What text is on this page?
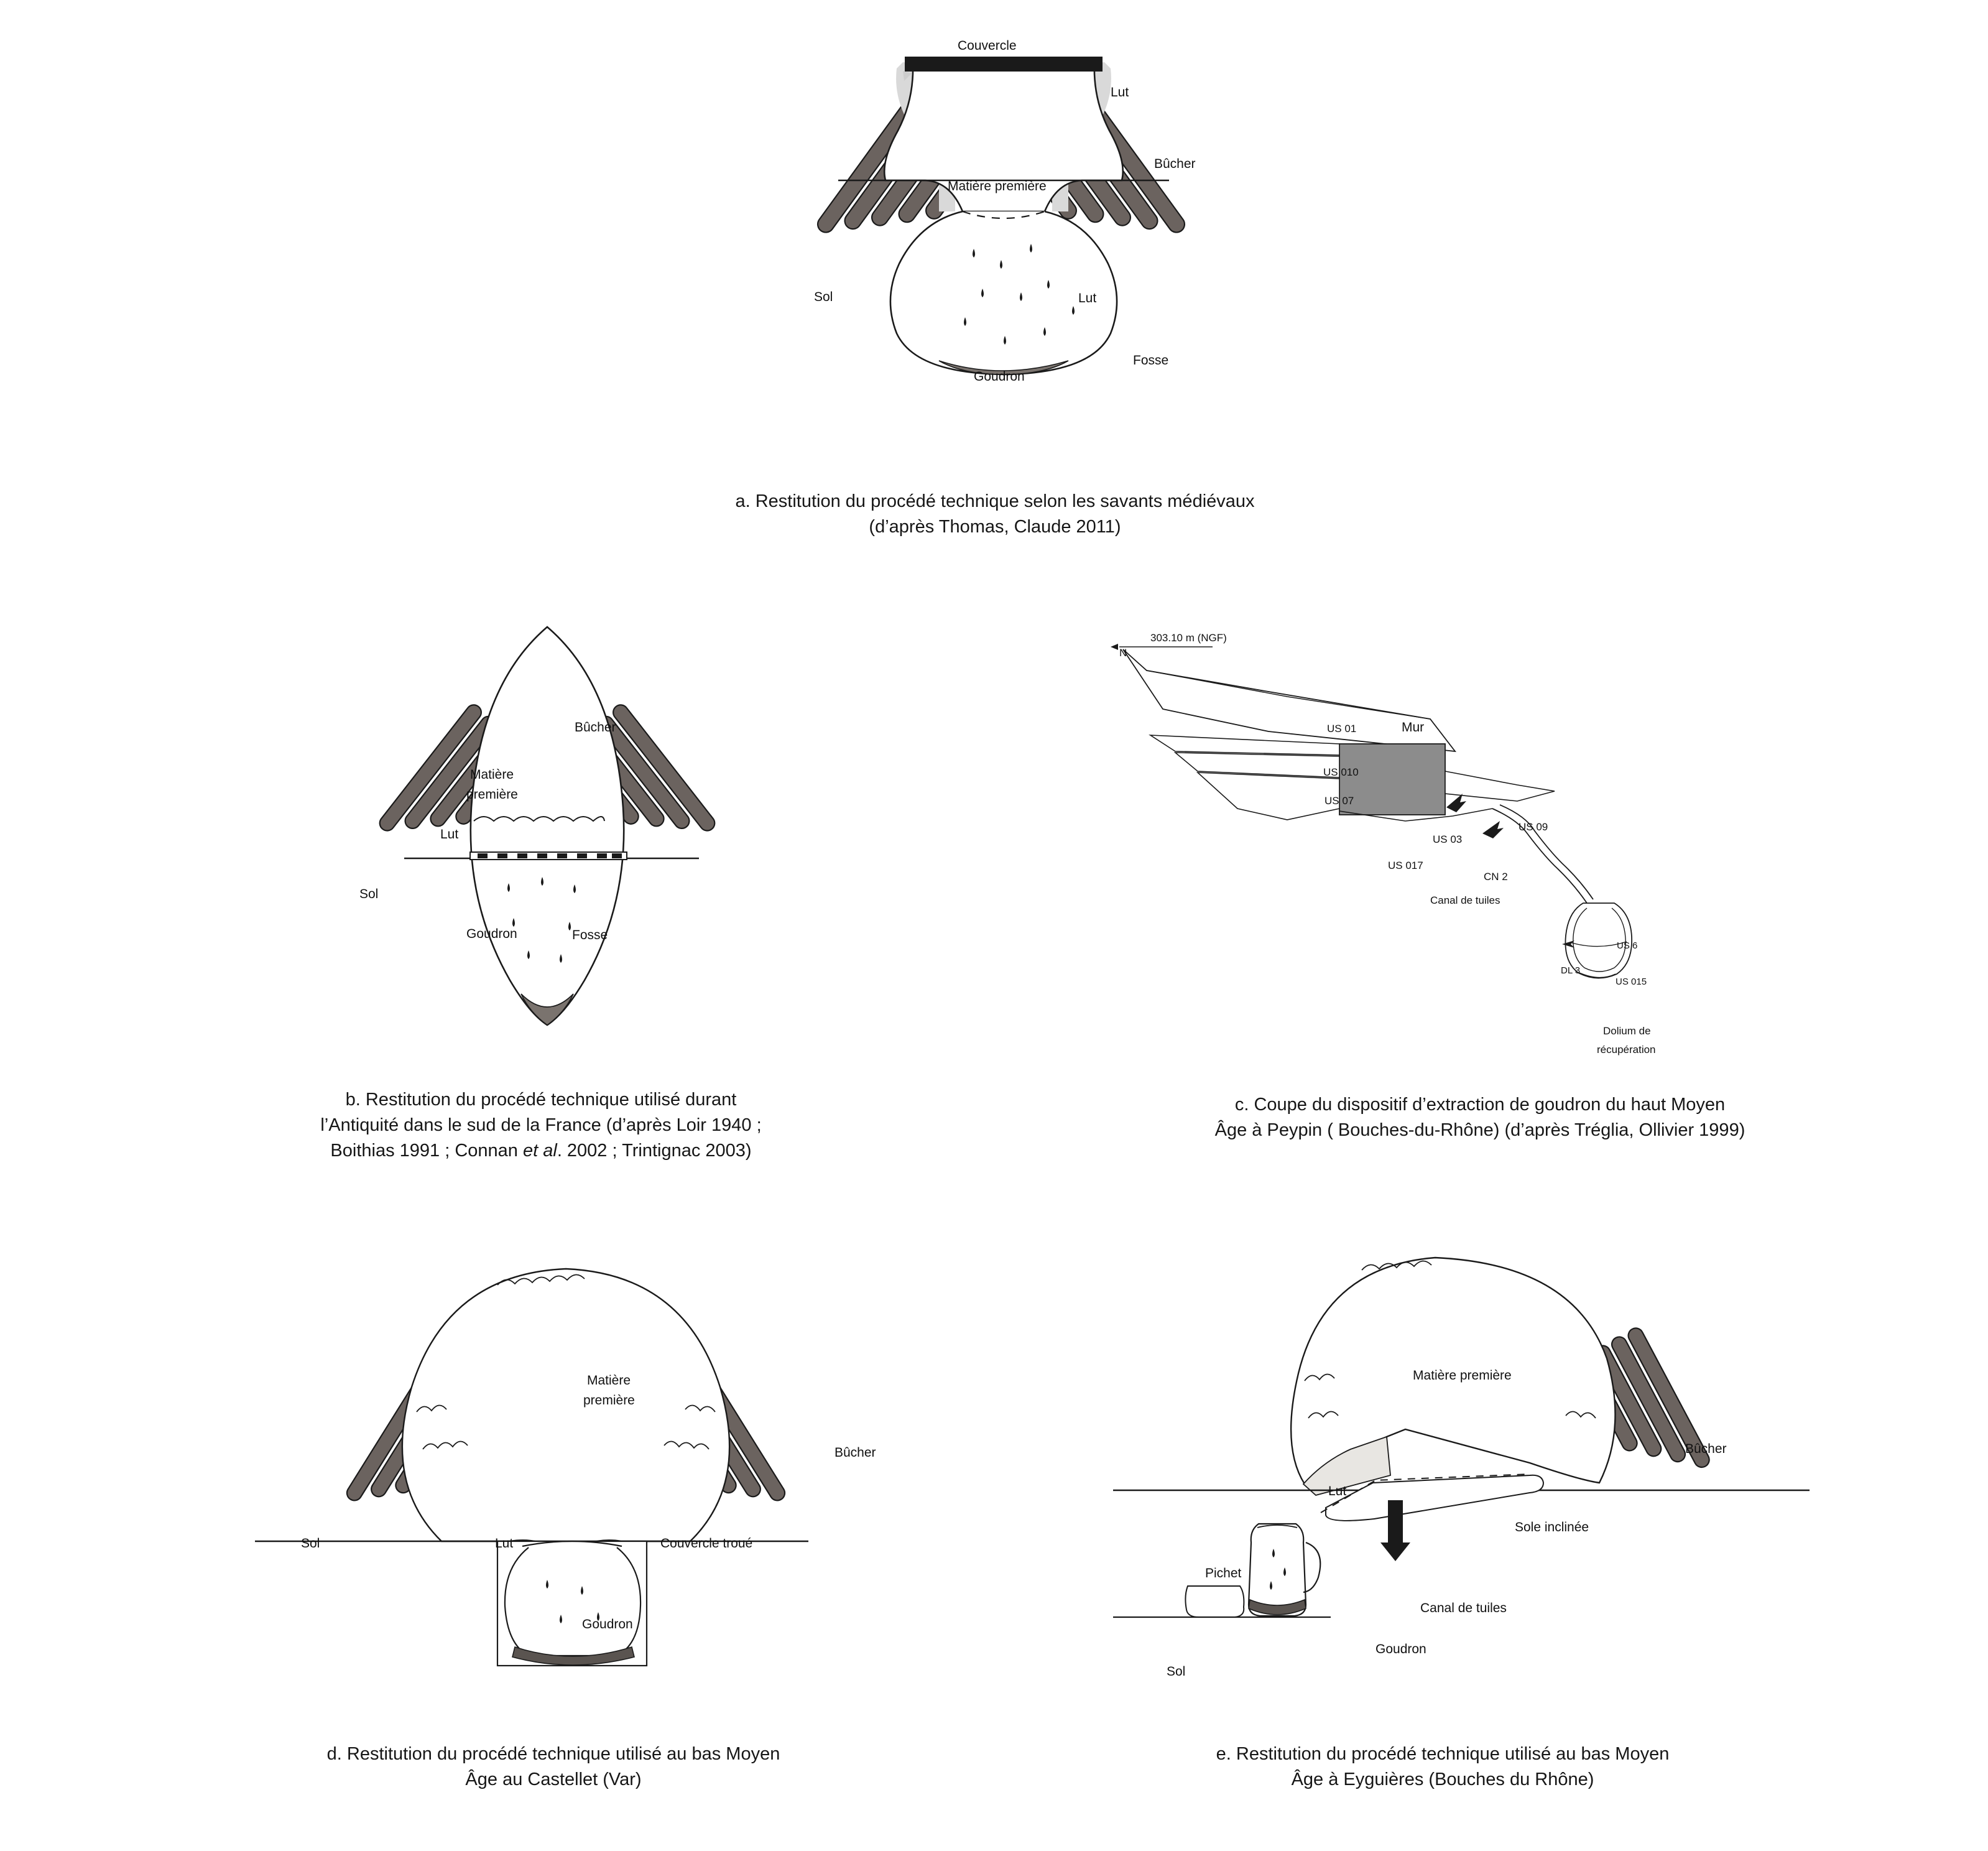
Couvercle
Lut
Bûcher
Matière première
Sol	Lut
Fosse
Goudron
a. Restitution du procédé technique selon les savants médiévaux
(d’après Thomas, Claude 2011)
Bûcher
Matière
première
Lut
Sol
Goudron	Fosse
b. Restitution du procédé technique utilisé durant
l’Antiquité dans le sud de la France (d’après Loir 1940 ;
Boithias 1991 ; Connan et al. 2002 ; Trintignac 2003)
303.10 m (NGF)
N
US 01	Mur
US 010
US 07
US 09
US 03
US 017
CN 2
Canal de tuiles
US 6
US 015
DL 3
Dolium de
récupération
c. Coupe du dispositif d’extraction de goudron du haut Moyen
Âge à Peypin ( Bouches-du-Rhône) (d’après Tréglia, Ollivier 1999)
Matière
première
Bûcher
Sol	Lut	Couvercle troué
Goudron
d. Restitution du procédé technique utilisé au bas Moyen
Âge au Castellet (Var)
Matière première
Bûcher
Lut
Sole inclinée
Pichet
Canal de tuiles
Goudron
Sol
e. Restitution du procédé technique utilisé au bas Moyen
Âge à Eyguières (Bouches du Rhône)
